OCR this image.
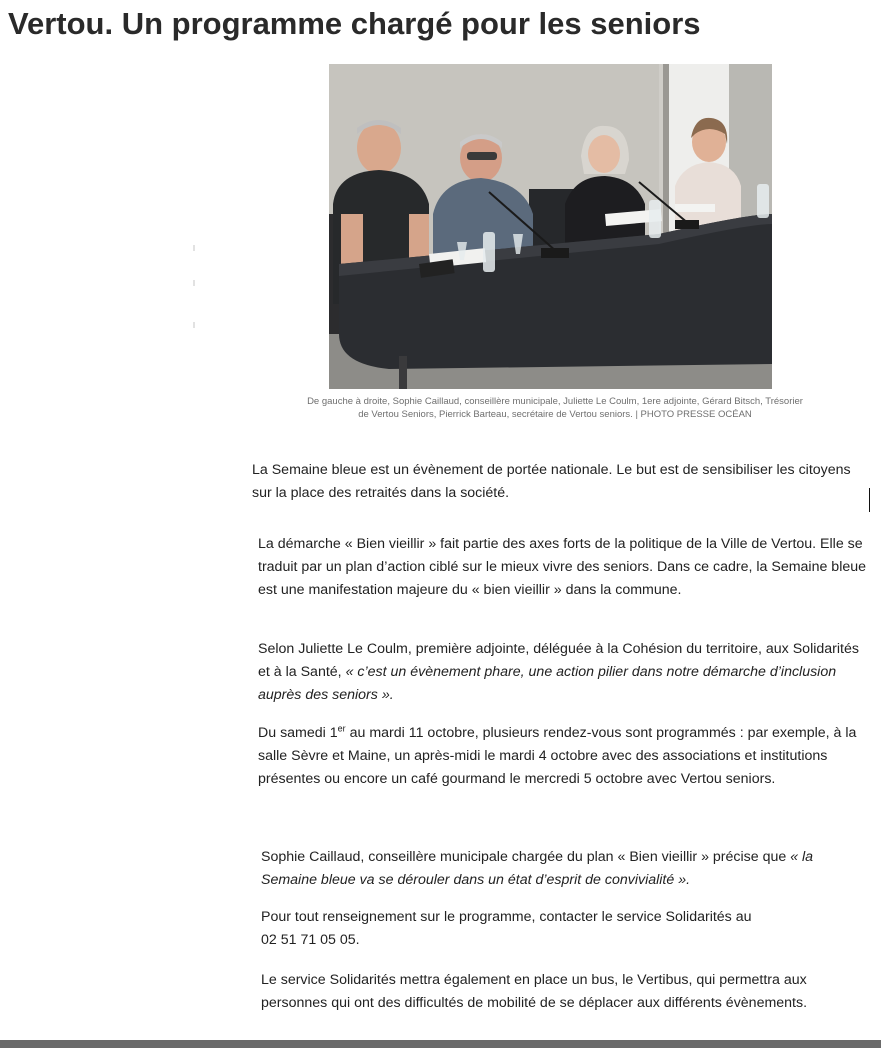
Vertou. Un programme chargé pour les seniors
De gauche à droite, Sophie Caillaud, conseillère municipale, Juliette Le Coulm, 1ere adjointe, Gérard Bitsch, Trésorier
de Vertou Seniors, Pierrick Barteau, secrétaire de Vertou seniors. | PHOTO PRESSE OCÉAN

La Semaine bleue est un évènement de portée nationale. Le but est de sensibiliser les citoyens sur la place des retraités dans la société.

La démarche « Bien vieillir » fait partie des axes forts de la politique de la Ville de Vertou. Elle se traduit par un plan d’action ciblé sur le mieux vivre des seniors. Dans ce cadre, la Semaine bleue est une manifestation majeure du « bien vieillir » dans la commune.

Selon Juliette Le Coulm, première adjointe, déléguée à la Cohésion du territoire, aux Solidarités et à la Santé, « c’est un évènement phare, une action pilier dans notre démarche d’inclusion auprès des seniors ».

Du samedi 1er au mardi 11 octobre, plusieurs rendez-vous sont programmés : par exemple, à la salle Sèvre et Maine, un après-midi le mardi 4 octobre avec des associations et institutions présentes ou encore un café gourmand le mercredi 5 octobre avec Vertou seniors.

Sophie Caillaud, conseillère municipale chargée du plan « Bien vieillir » précise que « la Semaine bleue va se dérouler dans un état d’esprit de convivialité ».

Pour tout renseignement sur le programme, contacter le service Solidarités au
02 51 71 05 05.

Le service Solidarités mettra également en place un bus, le Vertibus, qui permettra aux personnes qui ont des difficultés de mobilité de se déplacer aux différents évènements.
